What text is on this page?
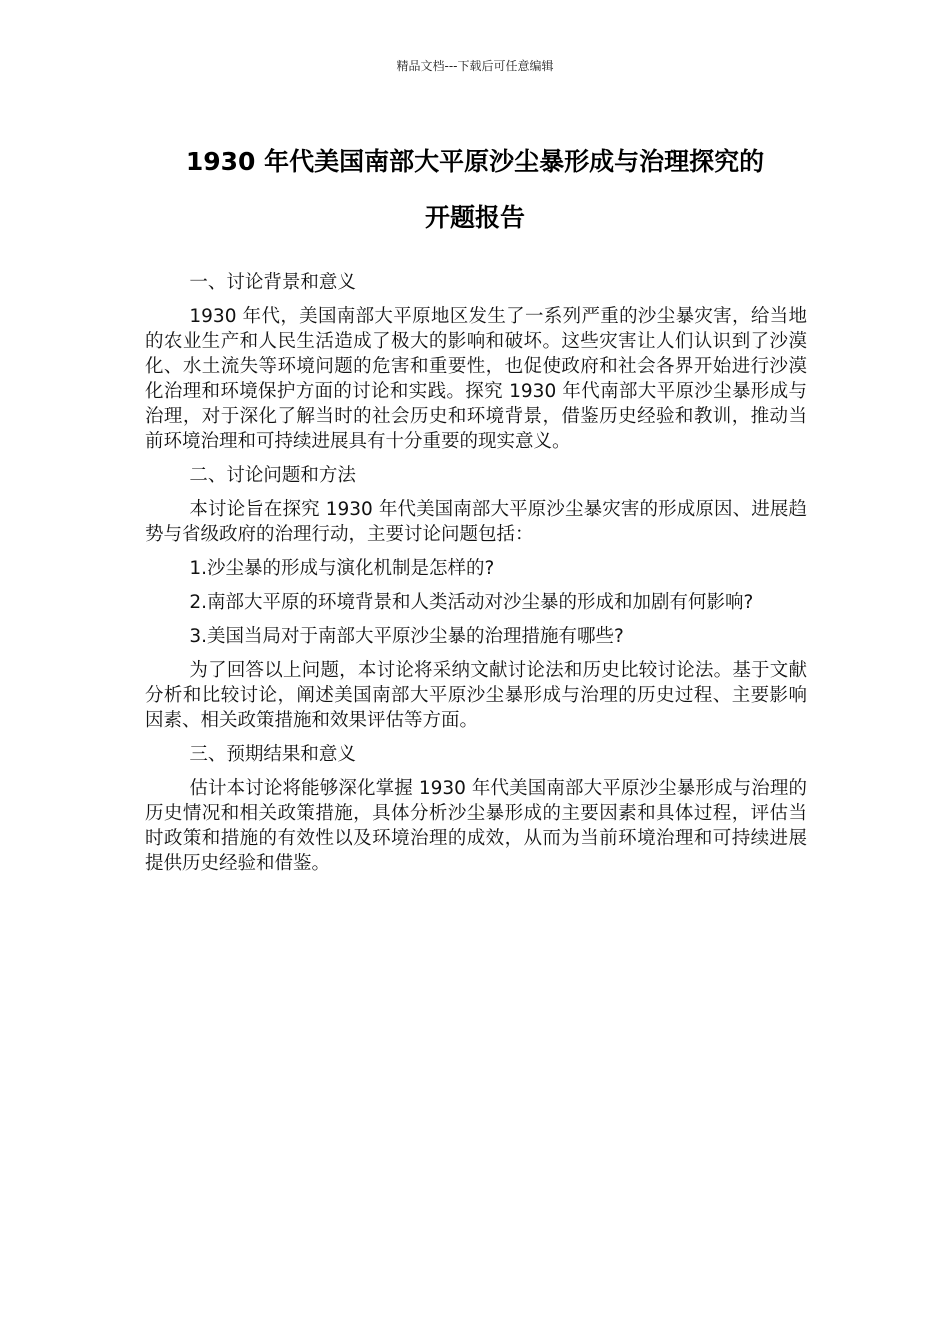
精品文档---下载后可任意编辑
1930 年代美国南部大平原沙尘暴形成与治理探究的
开题报告

一、讨论背景和意义

1930 年代，美国南部大平原地区发生了一系列严重的沙尘暴灾害，给当地的农业生产和人民生活造成了极大的影响和破坏。这些灾害让人们认识到了沙漠化、水土流失等环境问题的危害和重要性，也促使政府和社会各界开始进行沙漠化治理和环境保护方面的讨论和实践。探究 1930 年代南部大平原沙尘暴形成与治理，对于深化了解当时的社会历史和环境背景，借鉴历史经验和教训，推动当前环境治理和可持续进展具有十分重要的现实意义。

二、讨论问题和方法

本讨论旨在探究 1930 年代美国南部大平原沙尘暴灾害的形成原因、进展趋势与省级政府的治理行动，主要讨论问题包括：

1.沙尘暴的形成与演化机制是怎样的?

2.南部大平原的环境背景和人类活动对沙尘暴的形成和加剧有何影响?

3.美国当局对于南部大平原沙尘暴的治理措施有哪些?

为了回答以上问题，本讨论将采纳文献讨论法和历史比较讨论法。基于文献分析和比较讨论，阐述美国南部大平原沙尘暴形成与治理的历史过程、主要影响因素、相关政策措施和效果评估等方面。

三、预期结果和意义

估计本讨论将能够深化掌握 1930 年代美国南部大平原沙尘暴形成与治理的历史情况和相关政策措施，具体分析沙尘暴形成的主要因素和具体过程，评估当时政策和措施的有效性以及环境治理的成效，从而为当前环境治理和可持续进展提供历史经验和借鉴。
